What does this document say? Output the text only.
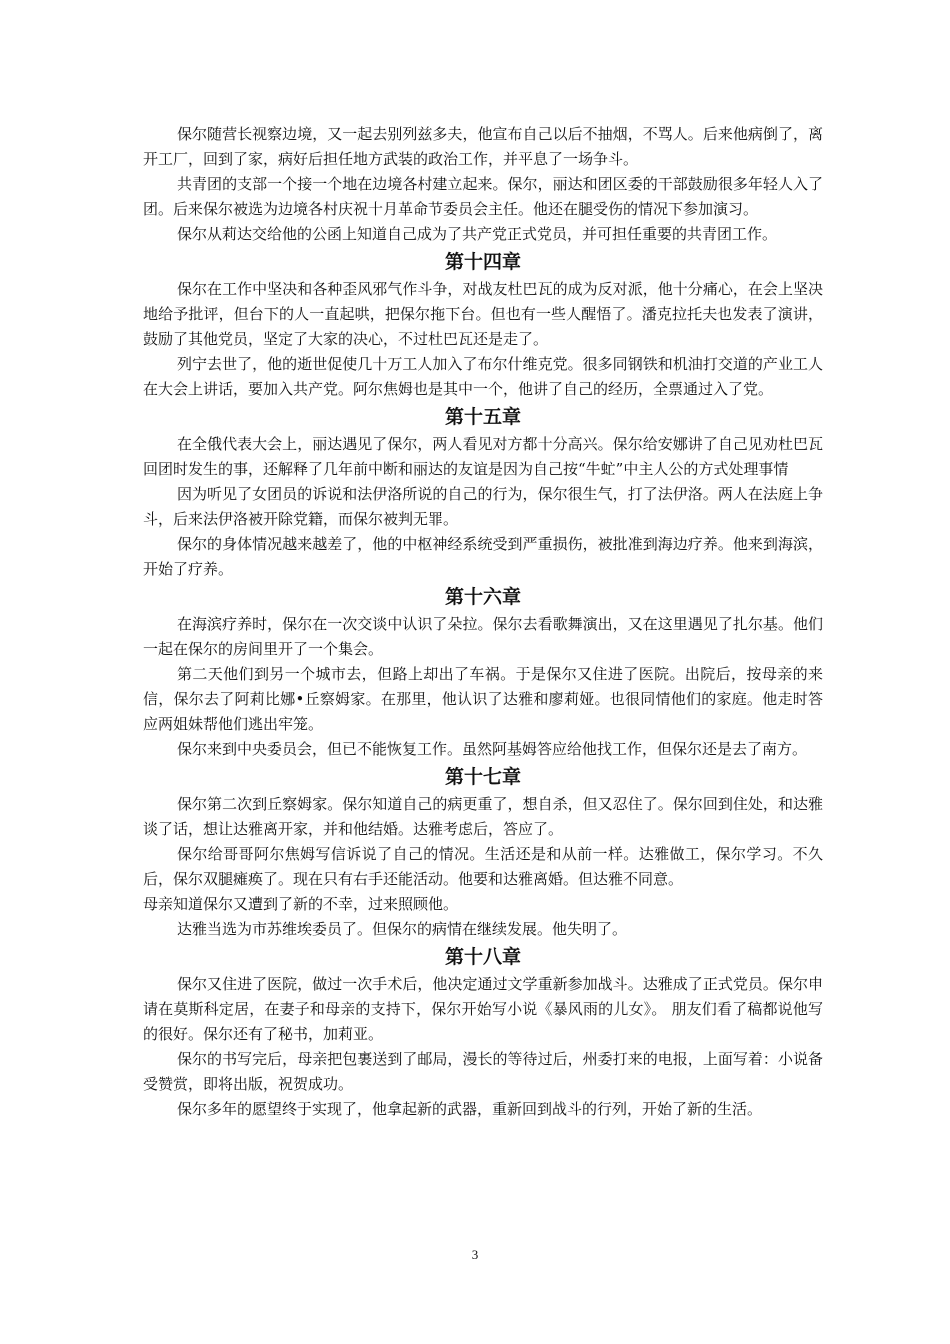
保尔随营长视察边境，又一起去别列兹多夫，他宣布自己以后不抽烟，不骂人。后来他病倒了，离开工厂，回到了家，病好后担任地方武装的政治工作，并平息了一场争斗。

共青团的支部一个接一个地在边境各村建立起来。保尔，丽达和团区委的干部鼓励很多年轻人入了团。后来保尔被选为边境各村庆祝十月革命节委员会主任。他还在腿受伤的情况下参加演习。

保尔从莉达交给他的公函上知道自己成为了共产党正式党员，并可担任重要的共青团工作。

第十四章

保尔在工作中坚决和各种歪风邪气作斗争，对战友杜巴瓦的成为反对派，他十分痛心，在会上坚决地给予批评，但台下的人一直起哄，把保尔拖下台。但也有一些人醒悟了。潘克拉托夫也发表了演讲，鼓励了其他党员，坚定了大家的决心，不过杜巴瓦还是走了。

列宁去世了，他的逝世促使几十万工人加入了布尔什维克党。很多同钢铁和机油打交道的产业工人在大会上讲话，要加入共产党。阿尔焦姆也是其中一个，他讲了自己的经历，全票通过入了党。

第十五章

在全俄代表大会上，丽达遇见了保尔，两人看见对方都十分高兴。保尔给安娜讲了自己见劝杜巴瓦回团时发生的事，还解释了几年前中断和丽达的友谊是因为自己按“牛虻”中主人公的方式处理事情

因为听见了女团员的诉说和法伊洛所说的自己的行为，保尔很生气，打了法伊洛。两人在法庭上争斗，后来法伊洛被开除党籍，而保尔被判无罪。

保尔的身体情况越来越差了，他的中枢神经系统受到严重损伤，被批准到海边疗养。他来到海滨，开始了疗养。

第十六章

在海滨疗养时，保尔在一次交谈中认识了朵拉。保尔去看歌舞演出，又在这里遇见了扎尔基。他们一起在保尔的房间里开了一个集会。

第二天他们到另一个城市去，但路上却出了车祸。于是保尔又住进了医院。出院后，按母亲的来信，保尔去了阿莉比娜•丘察姆家。在那里，他认识了达雅和廖莉娅。也很同情他们的家庭。他走时答应两姐妹帮他们逃出牢笼。

保尔来到中央委员会，但已不能恢复工作。虽然阿基姆答应给他找工作，但保尔还是去了南方。

第十七章

保尔第二次到丘察姆家。保尔知道自己的病更重了，想自杀，但又忍住了。保尔回到住处，和达雅谈了话，想让达雅离开家，并和他结婚。达雅考虑后，答应了。

保尔给哥哥阿尔焦姆写信诉说了自己的情况。生活还是和从前一样。达雅做工，保尔学习。不久后，保尔双腿瘫痪了。现在只有右手还能活动。他要和达雅离婚。但达雅不同意。

母亲知道保尔又遭到了新的不幸，过来照顾他。

达雅当选为市苏维埃委员了。但保尔的病情在继续发展。他失明了。

第十八章

保尔又住进了医院，做过一次手术后，他决定通过文学重新参加战斗。达雅成了正式党员。保尔申请在莫斯科定居，在妻子和母亲的支持下，保尔开始写小说《暴风雨的儿女》。 朋友们看了稿都说他写的很好。保尔还有了秘书，加莉亚。

保尔的书写完后，母亲把包裹送到了邮局，漫长的等待过后，州委打来的电报，上面写着：小说备受赞赏，即将出版，祝贺成功。

保尔多年的愿望终于实现了，他拿起新的武器，重新回到战斗的行列，开始了新的生活。

3
